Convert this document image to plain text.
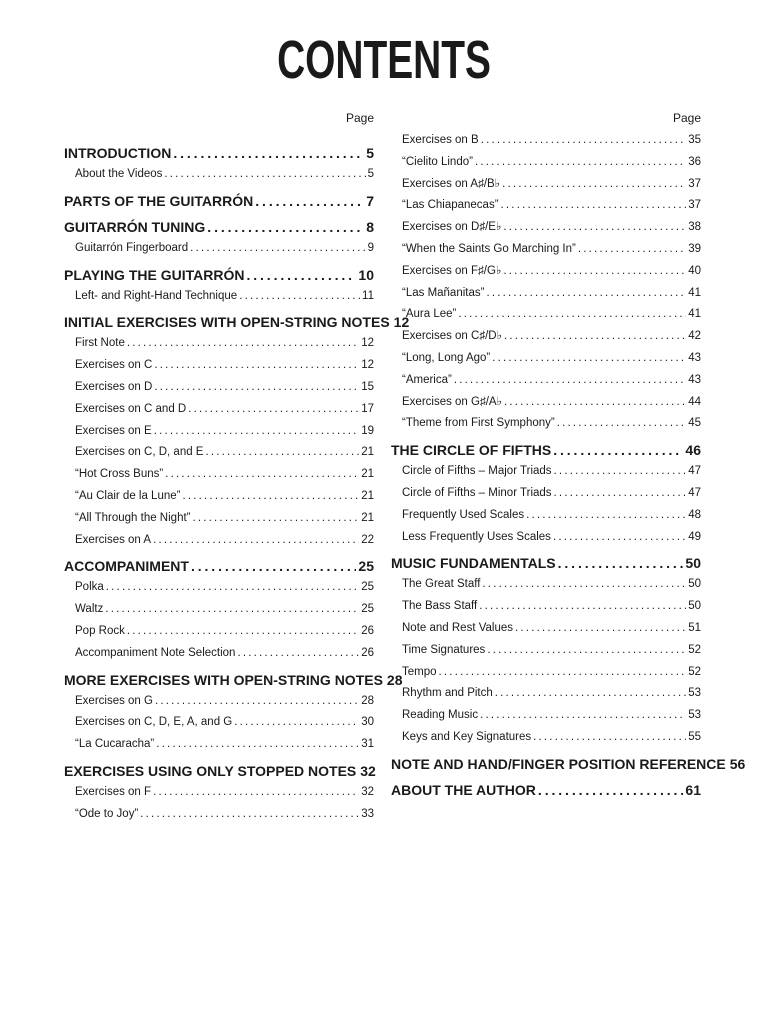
CONTENTS
Page
INTRODUCTION . . .	5
About the Videos . . .	5
PARTS OF THE GUITARRÓN . . .	7
GUITARRÓN TUNING . . .	8
Guitarrón Fingerboard . . .	9
PLAYING THE GUITARRÓN . . .	10
Left- and Right-Hand Technique . . .	11
INITIAL EXERCISES WITH OPEN-STRING NOTES 12
First Note . . .	12
Exercises on C . . .	12
Exercises on D . . .	15
Exercises on C and D . . .	17
Exercises on E . . .	19
Exercises on C, D, and E . . .	21
“Hot Cross Buns” . . .	21
“Au Clair de la Lune” . . .	21
“All Through the Night” . . .	21
Exercises on A . . .	22
ACCOMPANIMENT . . .	25
Polka . . .	25
Waltz . . .	25
Pop Rock . . .	26
Accompaniment Note Selection . . .	26
MORE EXERCISES WITH OPEN-STRING NOTES 28
Exercises on G . . .	28
Exercises on C, D, E, A, and G . . .	30
“La Cucaracha” . . .	31
EXERCISES USING ONLY STOPPED NOTES 32
Exercises on F . . .	32
“Ode to Joy” . . .	33
Page
Exercises on B . . .	35
“Cielito Lindo” . . .	36
Exercises on A♯/B♭ . . .	37
“Las Chiapanecas” . . .	37
Exercises on D♯/E♭ . . .	38
“When the Saints Go Marching In” . . .	39
Exercises on F♯/G♭ . . .	40
“Las Mañanitas” . . .	41
“Aura Lee” . . .	41
Exercises on C♯/D♭ . . .	42
“Long, Long Ago” . . .	43
“America” . . .	43
Exercises on G♯/A♭ . . .	44
“Theme from First Symphony” . . .	45
THE CIRCLE OF FIFTHS . . .	46
Circle of Fifths – Major Triads . . .	47
Circle of Fifths – Minor Triads . . .	47
Frequently Used Scales . . .	48
Less Frequently Uses Scales . . .	49
MUSIC FUNDAMENTALS . . .	50
The Great Staff . . .	50
The Bass Staff . . .	50
Note and Rest Values . . .	51
Time Signatures . . .	52
Tempo . . .	52
Rhythm and Pitch . . .	53
Reading Music . . .	53
Keys and Key Signatures . . .	55
NOTE AND HAND/FINGER POSITION REFERENCE 56
ABOUT THE AUTHOR . . .	61
